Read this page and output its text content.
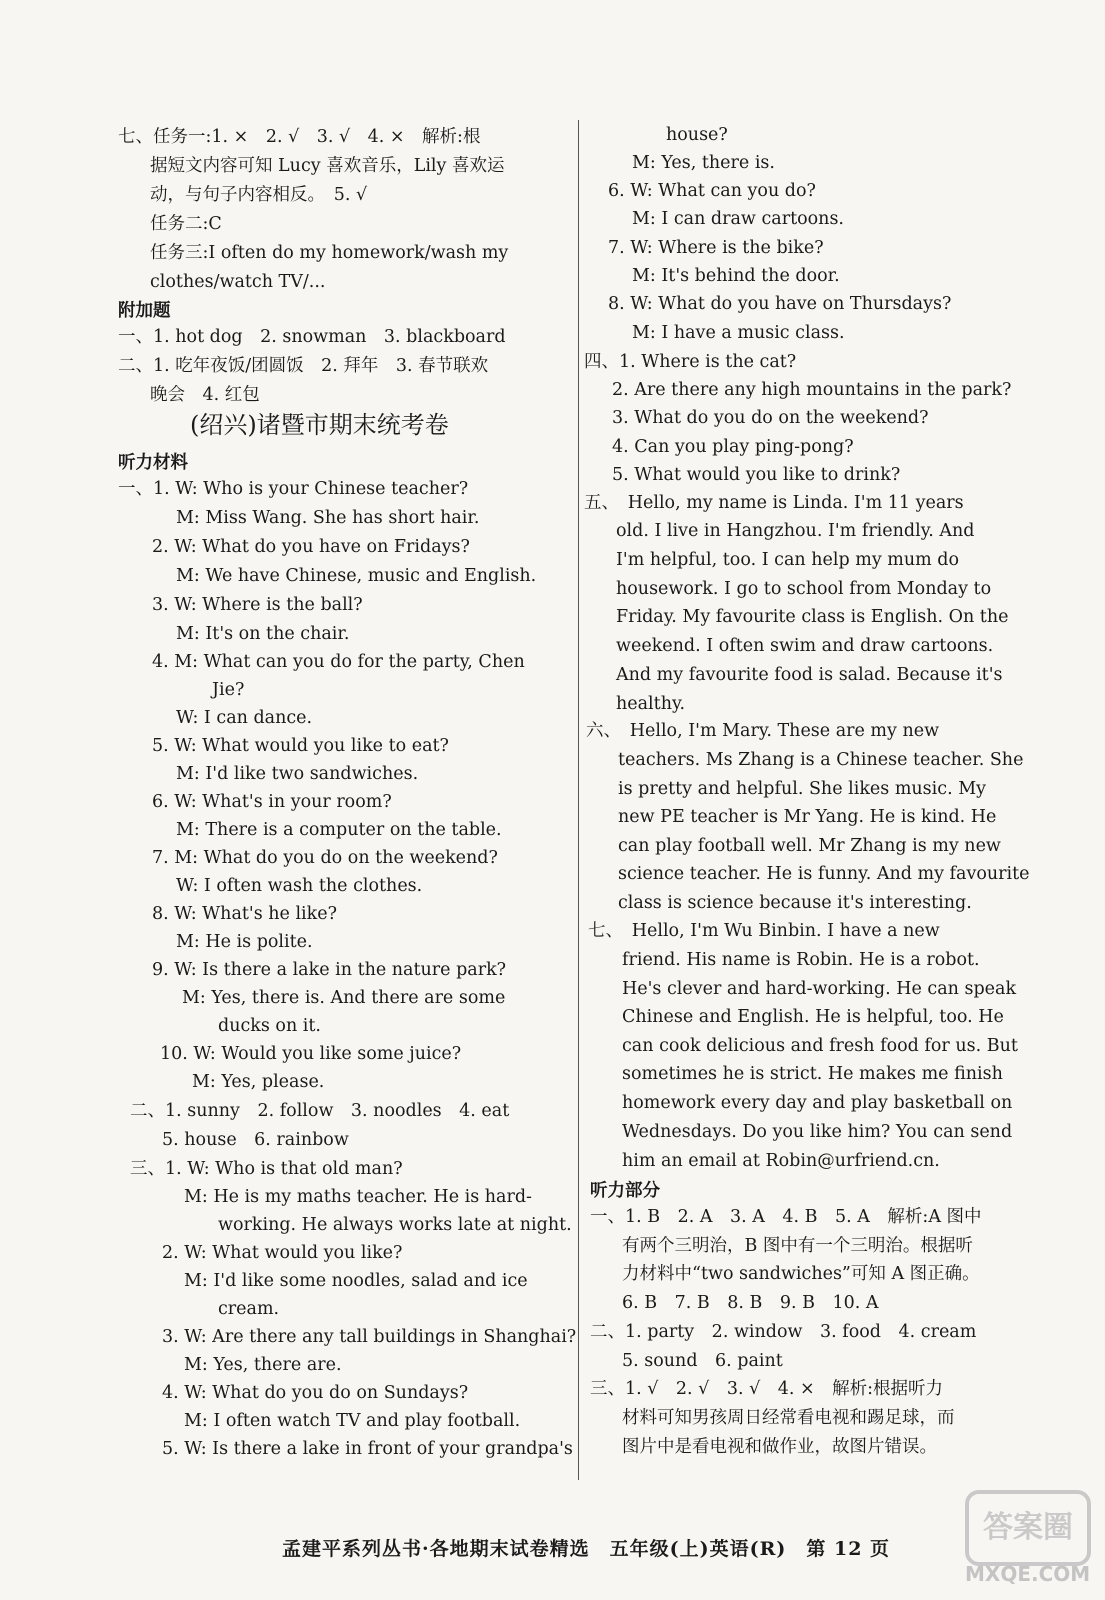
七、任务一:1. ×　2. √　3. √　4. ×　解析:根
据短文内容可知 Lucy 喜欢音乐，Lily 喜欢运
动，与句子内容相反。　5. √
任务二:C
任务三:I often do my homework/wash my
clothes/watch TV/...
附加题
一、1. hot dog　2. snowman　3. blackboard
二、1. 吃年夜饭/团圆饭　2. 拜年　3. 春节联欢
晚会　4. 红包
(绍兴)诸暨市期末统考卷
听力材料
一、1. W: Who is your Chinese teacher?
M: Miss Wang. She has short hair.
2. W: What do you have on Fridays?
M: We have Chinese, music and English.
3. W: Where is the ball?
M: It's on the chair.
4. M: What can you do for the party, Chen
Jie?
W: I can dance.
5. W: What would you like to eat?
M: I'd like two sandwiches.
6. W: What's in your room?
M: There is a computer on the table.
7. M: What do you do on the weekend?
W: I often wash the clothes.
8. W: What's he like?
M: He is polite.
9. W: Is there a lake in the nature park?
M: Yes, there is. And there are some
ducks on it.
10. W: Would you like some juice?
M: Yes, please.
二、1. sunny　2. follow　3. noodles　4. eat
5. house　6. rainbow
三、1. W: Who is that old man?
M: He is my maths teacher. He is hard-
working. He always works late at night.
2. W: What would you like?
M: I'd like some noodles, salad and ice
cream.
3. W: Are there any tall buildings in Shanghai?
M: Yes, there are.
4. W: What do you do on Sundays?
M: I often watch TV and play football.
5. W: Is there a lake in front of your grandpa's
house?
M: Yes, there is.
6. W: What can you do?
M: I can draw cartoons.
7. W: Where is the bike?
M: It's behind the door.
8. W: What do you have on Thursdays?
M: I have a music class.
四、1. Where is the cat?
2. Are there any high mountains in the park?
3. What do you do on the weekend?
4. Can you play ping-pong?
5. What would you like to drink?
五、　Hello, my name is Linda. I'm 11 years
old. I live in Hangzhou. I'm friendly. And
I'm helpful, too. I can help my mum do
housework. I go to school from Monday to
Friday. My favourite class is English. On the
weekend. I often swim and draw cartoons.
And my favourite food is salad. Because it's
healthy.
六、　Hello, I'm Mary. These are my new
teachers. Ms Zhang is a Chinese teacher. She
is pretty and helpful. She likes music. My
new PE teacher is Mr Yang. He is kind. He
can play football well. Mr Zhang is my new
science teacher. He is funny. And my favourite
class is science because it's interesting.
七、　Hello, I'm Wu Binbin. I have a new
friend. His name is Robin. He is a robot.
He's clever and hard-working. He can speak
Chinese and English. He is helpful, too. He
can cook delicious and fresh food for us. But
sometimes he is strict. He makes me finish
homework every day and play basketball on
Wednesdays. Do you like him? You can send
him an email at Robin@urfriend.cn.
听力部分
一、1. B　2. A　3. A　4. B　5. A　解析:A 图中
有两个三明治，B 图中有一个三明治。根据听
力材料中“two sandwiches”可知 A 图正确。
6. B　7. B　8. B　9. B　10. A
二、1. party　2. window　3. food　4. cream
5. sound　6. paint
三、1. √　2. √　3. √　4. ×　解析:根据听力
材料可知男孩周日经常看电视和踢足球，而
图片中是看电视和做作业，故图片错误。
孟建平系列丛书·各地期末试卷精选　五年级(上)英语(R)　第 12 页
答案圈
MXQE.COM
